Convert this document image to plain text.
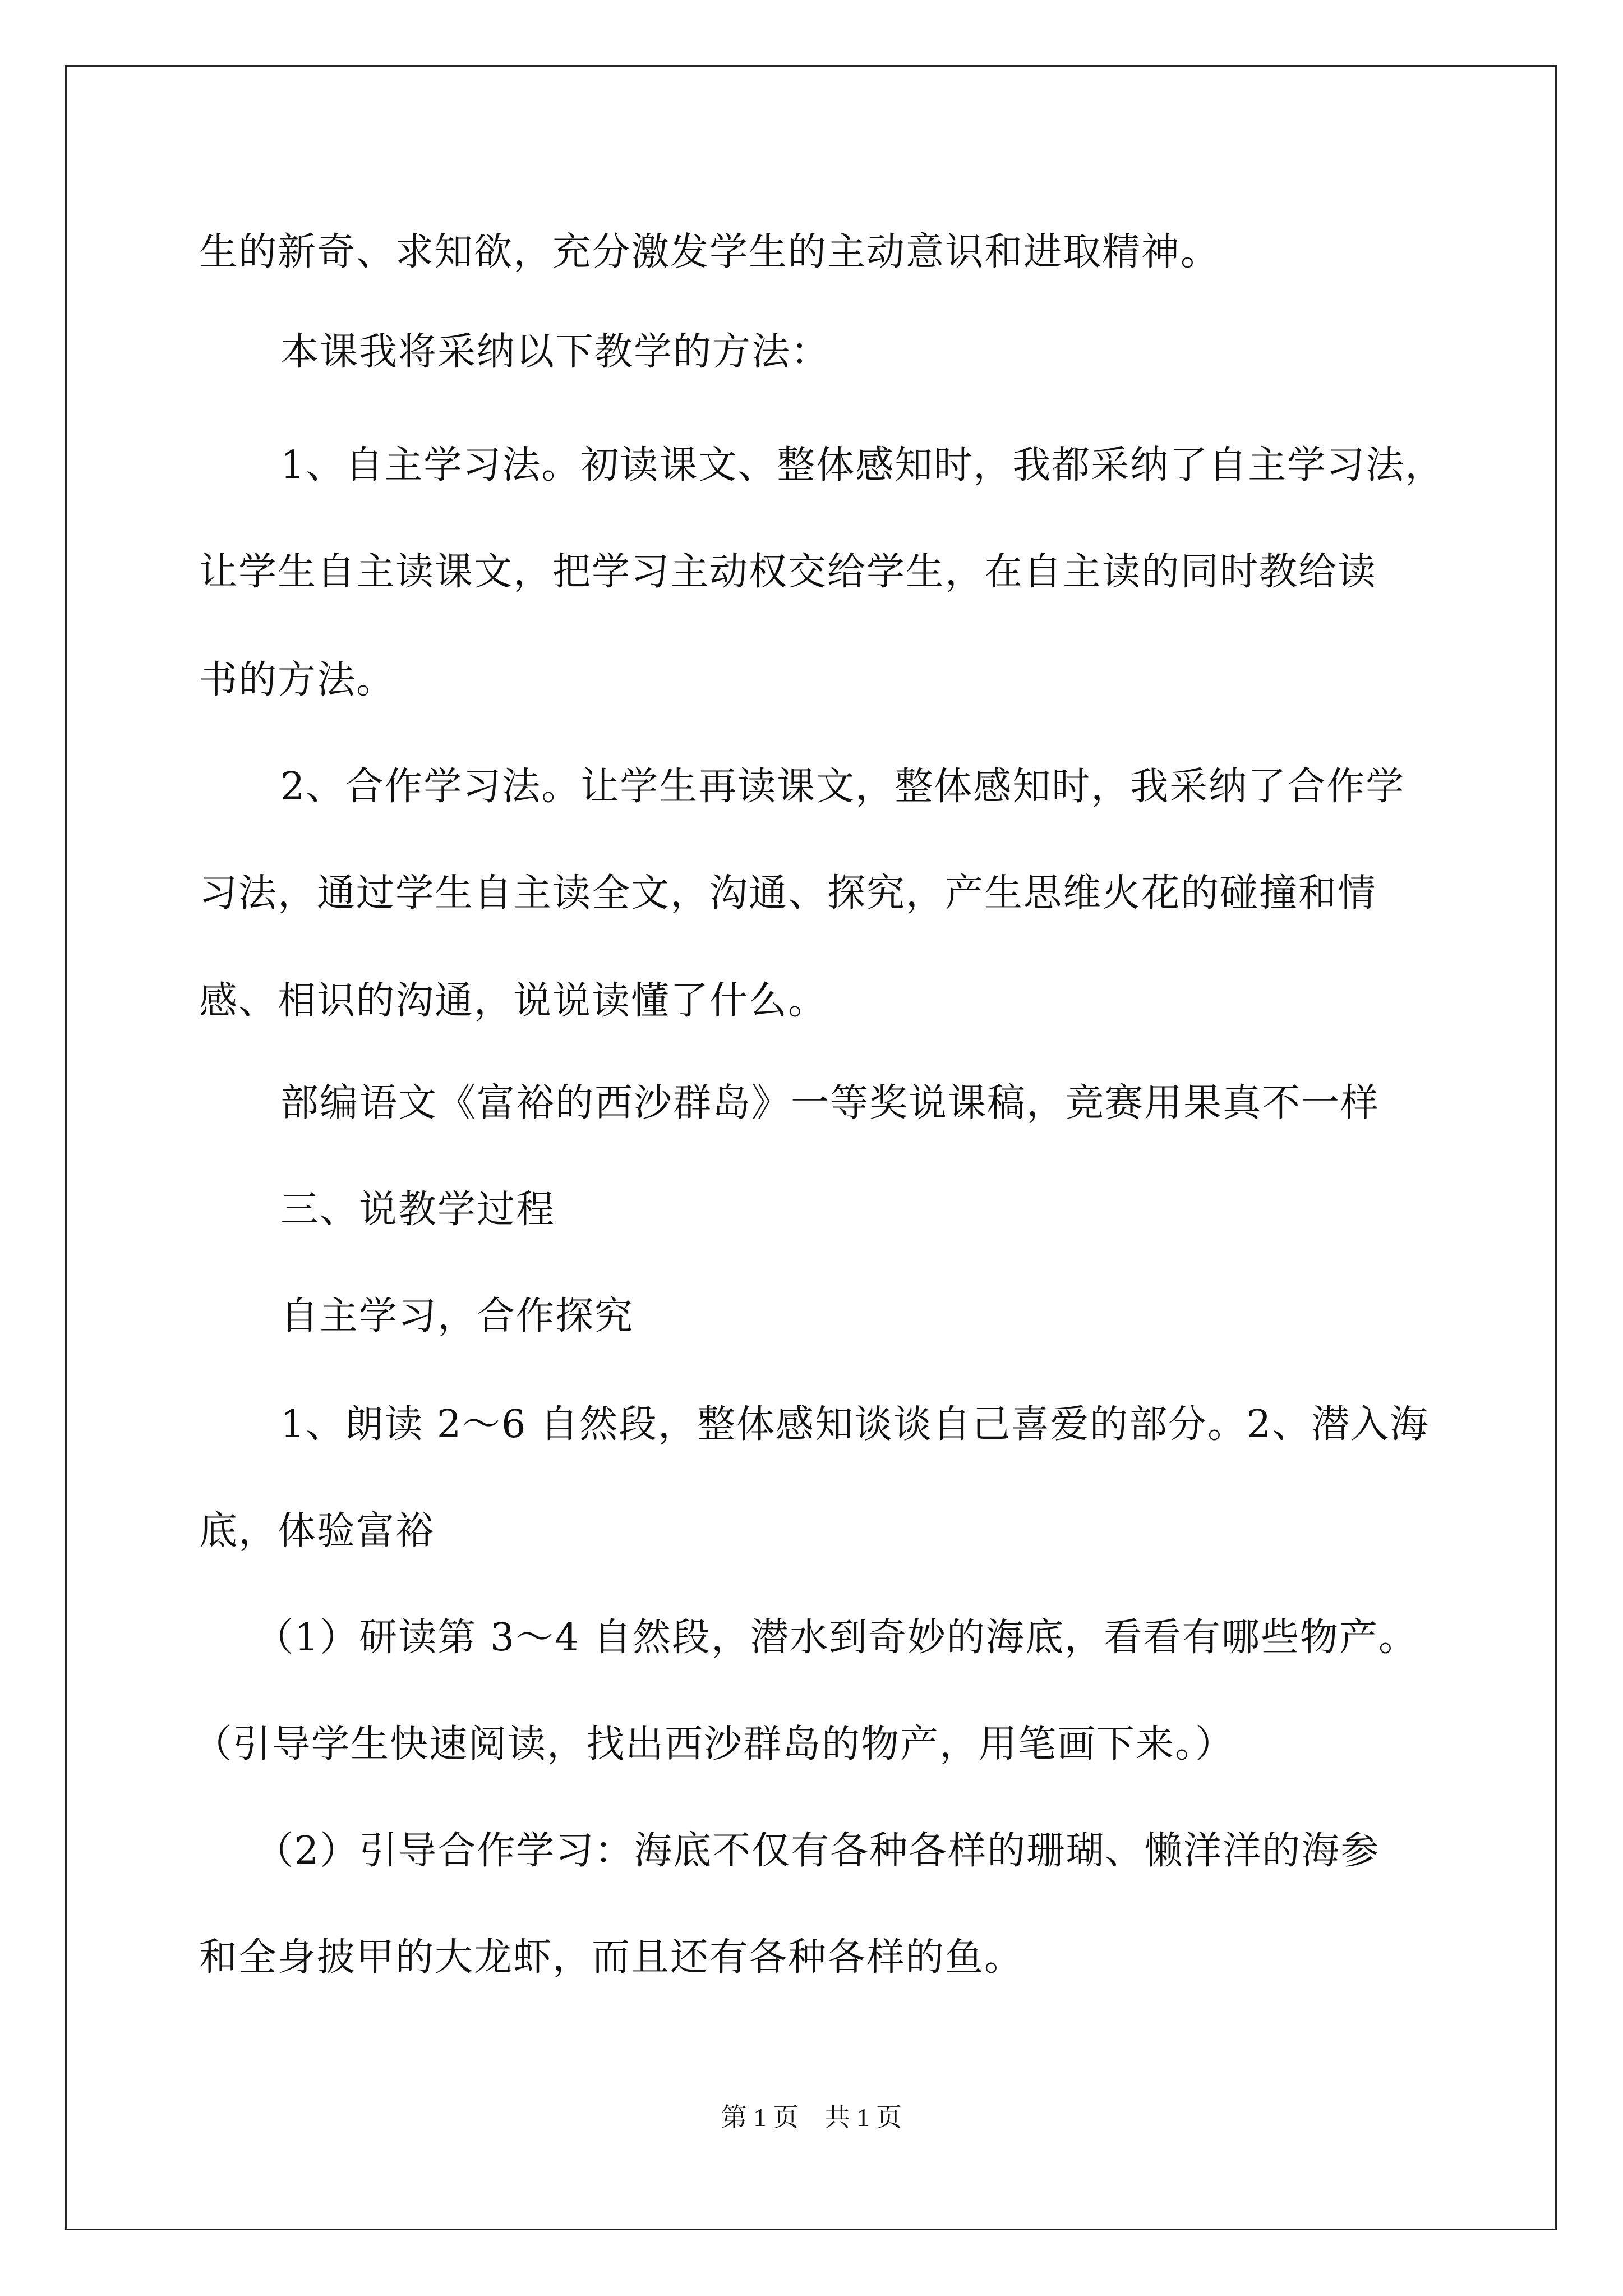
生的新奇、求知欲，充分激发学生的主动意识和进取精神。
本课我将采纳以下教学的方法：
1、自主学习法。初读课文、整体感知时，我都采纳了自主学习法，
让学生自主读课文，把学习主动权交给学生，在自主读的同时教给读
书的方法。
2、合作学习法。让学生再读课文，整体感知时，我采纳了合作学
习法，通过学生自主读全文，沟通、探究，产生思维火花的碰撞和情
感、相识的沟通，说说读懂了什么。
部编语文《富裕的西沙群岛》一等奖说课稿，竞赛用果真不一样
三、说教学过程
自主学习，合作探究
1、朗读 2～6 自然段，整体感知谈谈自己喜爱的部分。2、潜入海
底，体验富裕
（1）研读第 3～4 自然段，潜水到奇妙的海底，看看有哪些物产。
（引导学生快速阅读，找出西沙群岛的物产，用笔画下来。）
（2）引导合作学习：海底不仅有各种各样的珊瑚、懒洋洋的海参
和全身披甲的大龙虾，而且还有各种各样的鱼。
第 1 页　共 1 页
